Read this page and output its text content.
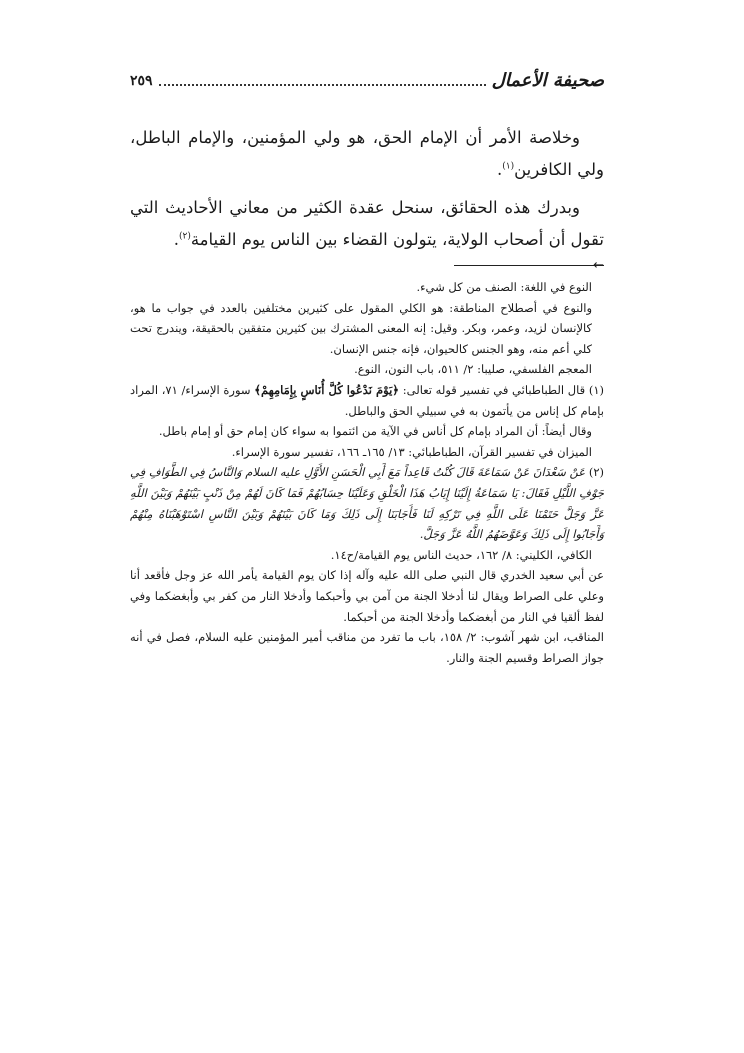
صحيفة الأعمال
٢٥٩

وخلاصة الأمر أن الإمام الحق، هو ولي المؤمنين، والإمام الباطل، ولي الكافرين$^{(١)}$.

وبدرك هذه الحقائق، سنحل عقدة الكثير من معاني الأحاديث التي تقول أن أصحاب الولاية، يتولون القضاء بين الناس يوم القيامة$^{(٢)}$.

←

النوع في اللغة: الصنف من كل شيء.

والنوع في أصطلاح المناطقة: هو الكلي المقول على كثيرين مختلفين بالعدد في جواب ما هو، كالإنسان لزيد، وعمر، وبكر. وقيل: إنه المعنى المشترك بين كثيرين متفقين بالحقيقة، ويندرج تحت كلي أعم منه، وهو الجنس كالحيوان، فإنه جنس الإنسان.

المعجم الفلسفي، صليبا: ٢/ ٥١١، باب النون، النوع.

(١) قال الطباطبائي في تفسير قوله تعالى: ﴿يَوْمَ نَدْعُوا كُلَّ أُنَاسٍ بِإِمَامِهِمْ﴾ سورة الإسراء/ ٧١، المراد بإمام كل إناس من يأتمون به في سبيلي الحق والباطل.

وقال أيضاً: أن المراد بإمام كل أناس في الآية من ائتموا به سواء كان إمام حق أو إمام باطل.

الميزان في تفسير القرآن، الطباطبائي: ١٣/ ١٦٥ـ ١٦٦، تفسير سورة الإسراء.

(٢) عَنْ سَعْدَانَ عَنْ سَمَاعَةَ قَالَ كُنْتُ قَاعِداً مَعَ أَبِي الْحَسَنِ الأَوَّلِ عليه السلام وَالنَّاسُ فِي الطَّوَافِ فِي جَوْفِ اللَّيْلِ فَقَالَ: يَا سَمَاعَةُ إِلَيْنَا إِيَابُ هَذَا الْخَلْقِ وَعَلَيْنَا حِسَابُهُمْ فَمَا كَانَ لَهُمْ مِنْ ذَنْبٍ بَيْنَهُمْ وَبَيْنَ اللَّهِ عَزَّ وَجَلَّ حَتَمْنَا عَلَى اللَّهِ فِي تَرْكِهِ لَنَا فَأَجَابَنَا إِلَى ذَلِكَ وَمَا كَانَ بَيْنَهُمْ وَبَيْنَ النَّاسِ اسْتَوْهَبْنَاهُ مِنْهُمْ وَأَجَابُوا إِلَى ذَلِكَ وَعَوَّضَهُمُ اللَّهُ عَزَّ وَجَلَّ.

الكافي، الكليني: ٨/ ١٦٢، حديث الناس يوم القيامة/ح١٤.

عن أبي سعيد الخدري قال النبي صلى الله عليه وآله إذا كان يوم القيامة يأمر الله عز وجل فأقعد أنا وعلي على الصراط ويقال لنا أدخلا الجنة من آمن بي وأحبكما وأدخلا النار من كفر بي وأبغضكما وفي لفظ ألقيا في النار من أبغضكما وأدخلا الجنة من أحبكما.

المناقب، ابن شهر آشوب: ٢/ ١٥٨، باب ما تفرد من مناقب أمير المؤمنين عليه السلام، فصل في أنه جواز الصراط وقسيم الجنة والنار.
